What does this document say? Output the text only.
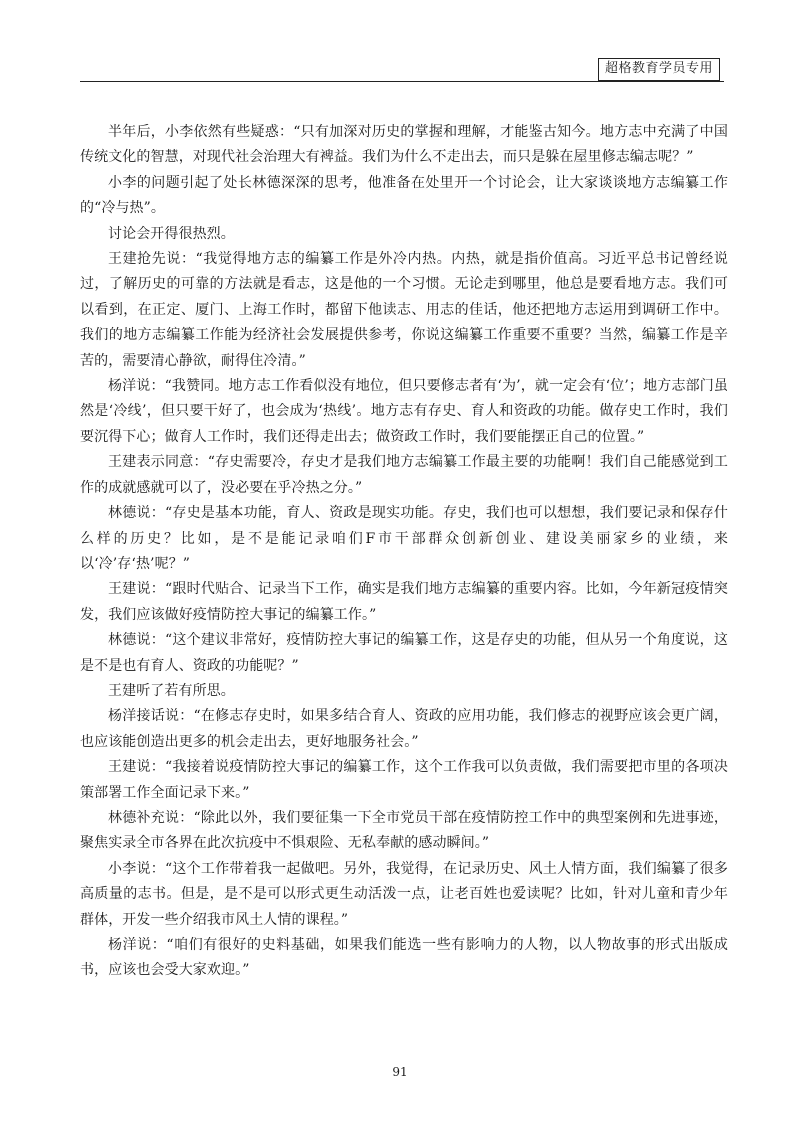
超格教育学员专用

半年后，小李依然有些疑惑：“只有加深对历史的掌握和理解，才能鉴古知今。地方志中充满了中国传统文化的智慧，对现代社会治理大有裨益。我们为什么不走出去，而只是躲在屋里修志编志呢？”

小李的问题引起了处长林德深深的思考，他准备在处里开一个讨论会，让大家谈谈地方志编纂工作的“冷与热”。

讨论会开得很热烈。

王建抢先说：“我觉得地方志的编纂工作是外冷内热。内热，就是指价值高。习近平总书记曾经说过，了解历史的可靠的方法就是看志，这是他的一个习惯。无论走到哪里，他总是要看地方志。我们可以看到，在正定、厦门、上海工作时，都留下他读志、用志的佳话，他还把地方志运用到调研工作中。我们的地方志编纂工作能为经济社会发展提供参考，你说这编纂工作重要不重要？当然，编纂工作是辛苦的，需要清心静欲，耐得住冷清。”

杨洋说：“我赞同。地方志工作看似没有地位，但只要修志者有‘为’，就一定会有‘位’；地方志部门虽然是‘冷线’，但只要干好了，也会成为‘热线’。地方志有存史、育人和资政的功能。做存史工作时，我们要沉得下心；做育人工作时，我们还得走出去；做资政工作时，我们要能摆正自己的位置。”

王建表示同意：“存史需要冷，存史才是我们地方志编纂工作最主要的功能啊！我们自己能感觉到工作的成就感就可以了，没必要在乎冷热之分。”

林德说：“存史是基本功能，育人、资政是现实功能。存史，我们也可以想想，我们要记录和保存什么样的历史？比如，是不是能记录咱们F市干部群众创新创业、建设美丽家乡的业绩，来以‘冷’存‘热’呢？”

王建说：“跟时代贴合、记录当下工作，确实是我们地方志编纂的重要内容。比如，今年新冠疫情突发，我们应该做好疫情防控大事记的编纂工作。”

林德说：“这个建议非常好，疫情防控大事记的编纂工作，这是存史的功能，但从另一个角度说，这是不是也有育人、资政的功能呢？”

王建听了若有所思。

杨洋接话说：“在修志存史时，如果多结合育人、资政的应用功能，我们修志的视野应该会更广阔，也应该能创造出更多的机会走出去，更好地服务社会。”

王建说：“我接着说疫情防控大事记的编纂工作，这个工作我可以负责做，我们需要把市里的各项决策部署工作全面记录下来。”

林德补充说：“除此以外，我们要征集一下全市党员干部在疫情防控工作中的典型案例和先进事迹，聚焦实录全市各界在此次抗疫中不惧艰险、无私奉献的感动瞬间。”

小李说：“这个工作带着我一起做吧。另外，我觉得，在记录历史、风土人情方面，我们编纂了很多高质量的志书。但是，是不是可以形式更生动活泼一点，让老百姓也爱读呢？比如，针对儿童和青少年群体，开发一些介绍我市风土人情的课程。”

杨洋说：“咱们有很好的史料基础，如果我们能选一些有影响力的人物，以人物故事的形式出版成书，应该也会受大家欢迎。”

91
